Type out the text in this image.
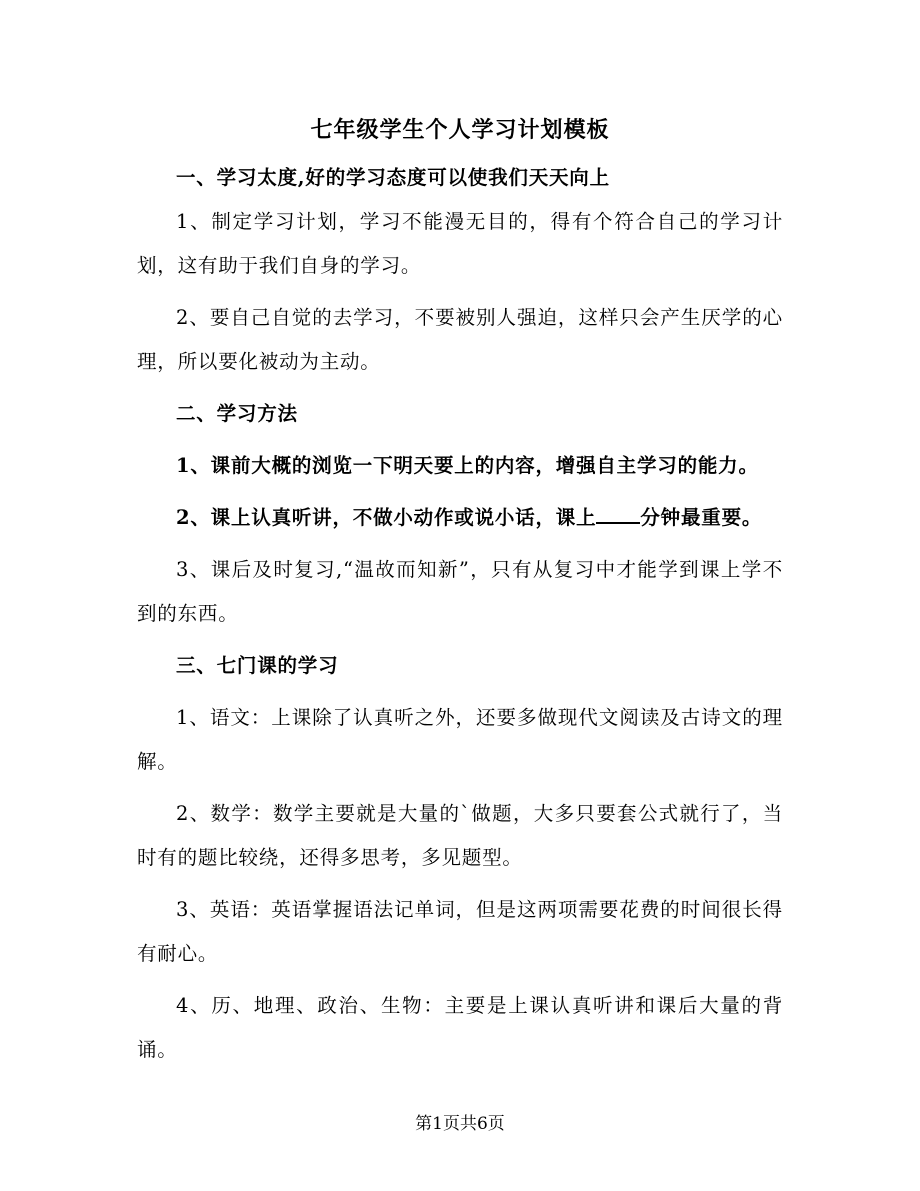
七年级学生个人学习计划模板

一、学习太度,好的学习态度可以使我们天天向上

1、制定学习计划，学习不能漫无目的，得有个符合自己的学习计划，这有助于我们自身的学习。

2、要自己自觉的去学习，不要被别人强迫，这样只会产生厌学的心理，所以要化被动为主动。

二、学习方法

1、课前大概的浏览一下明天要上的内容，增强自主学习的能力。

2、课上认真听讲，不做小动作或说小话，课上 分钟最重要。

3、课后及时复习,“温故而知新”，只有从复习中才能学到课上学不到的东西。

三、七门课的学习

1、语文：上课除了认真听之外，还要多做现代文阅读及古诗文的理解。

2、数学：数学主要就是大量的`做题，大多只要套公式就行了，当时有的题比较绕，还得多思考，多见题型。

3、英语：英语掌握语法记单词，但是这两项需要花费的时间很长得有耐心。

4、历、地理、政治、生物：主要是上课认真听讲和课后大量的背诵。

第1页共6页
